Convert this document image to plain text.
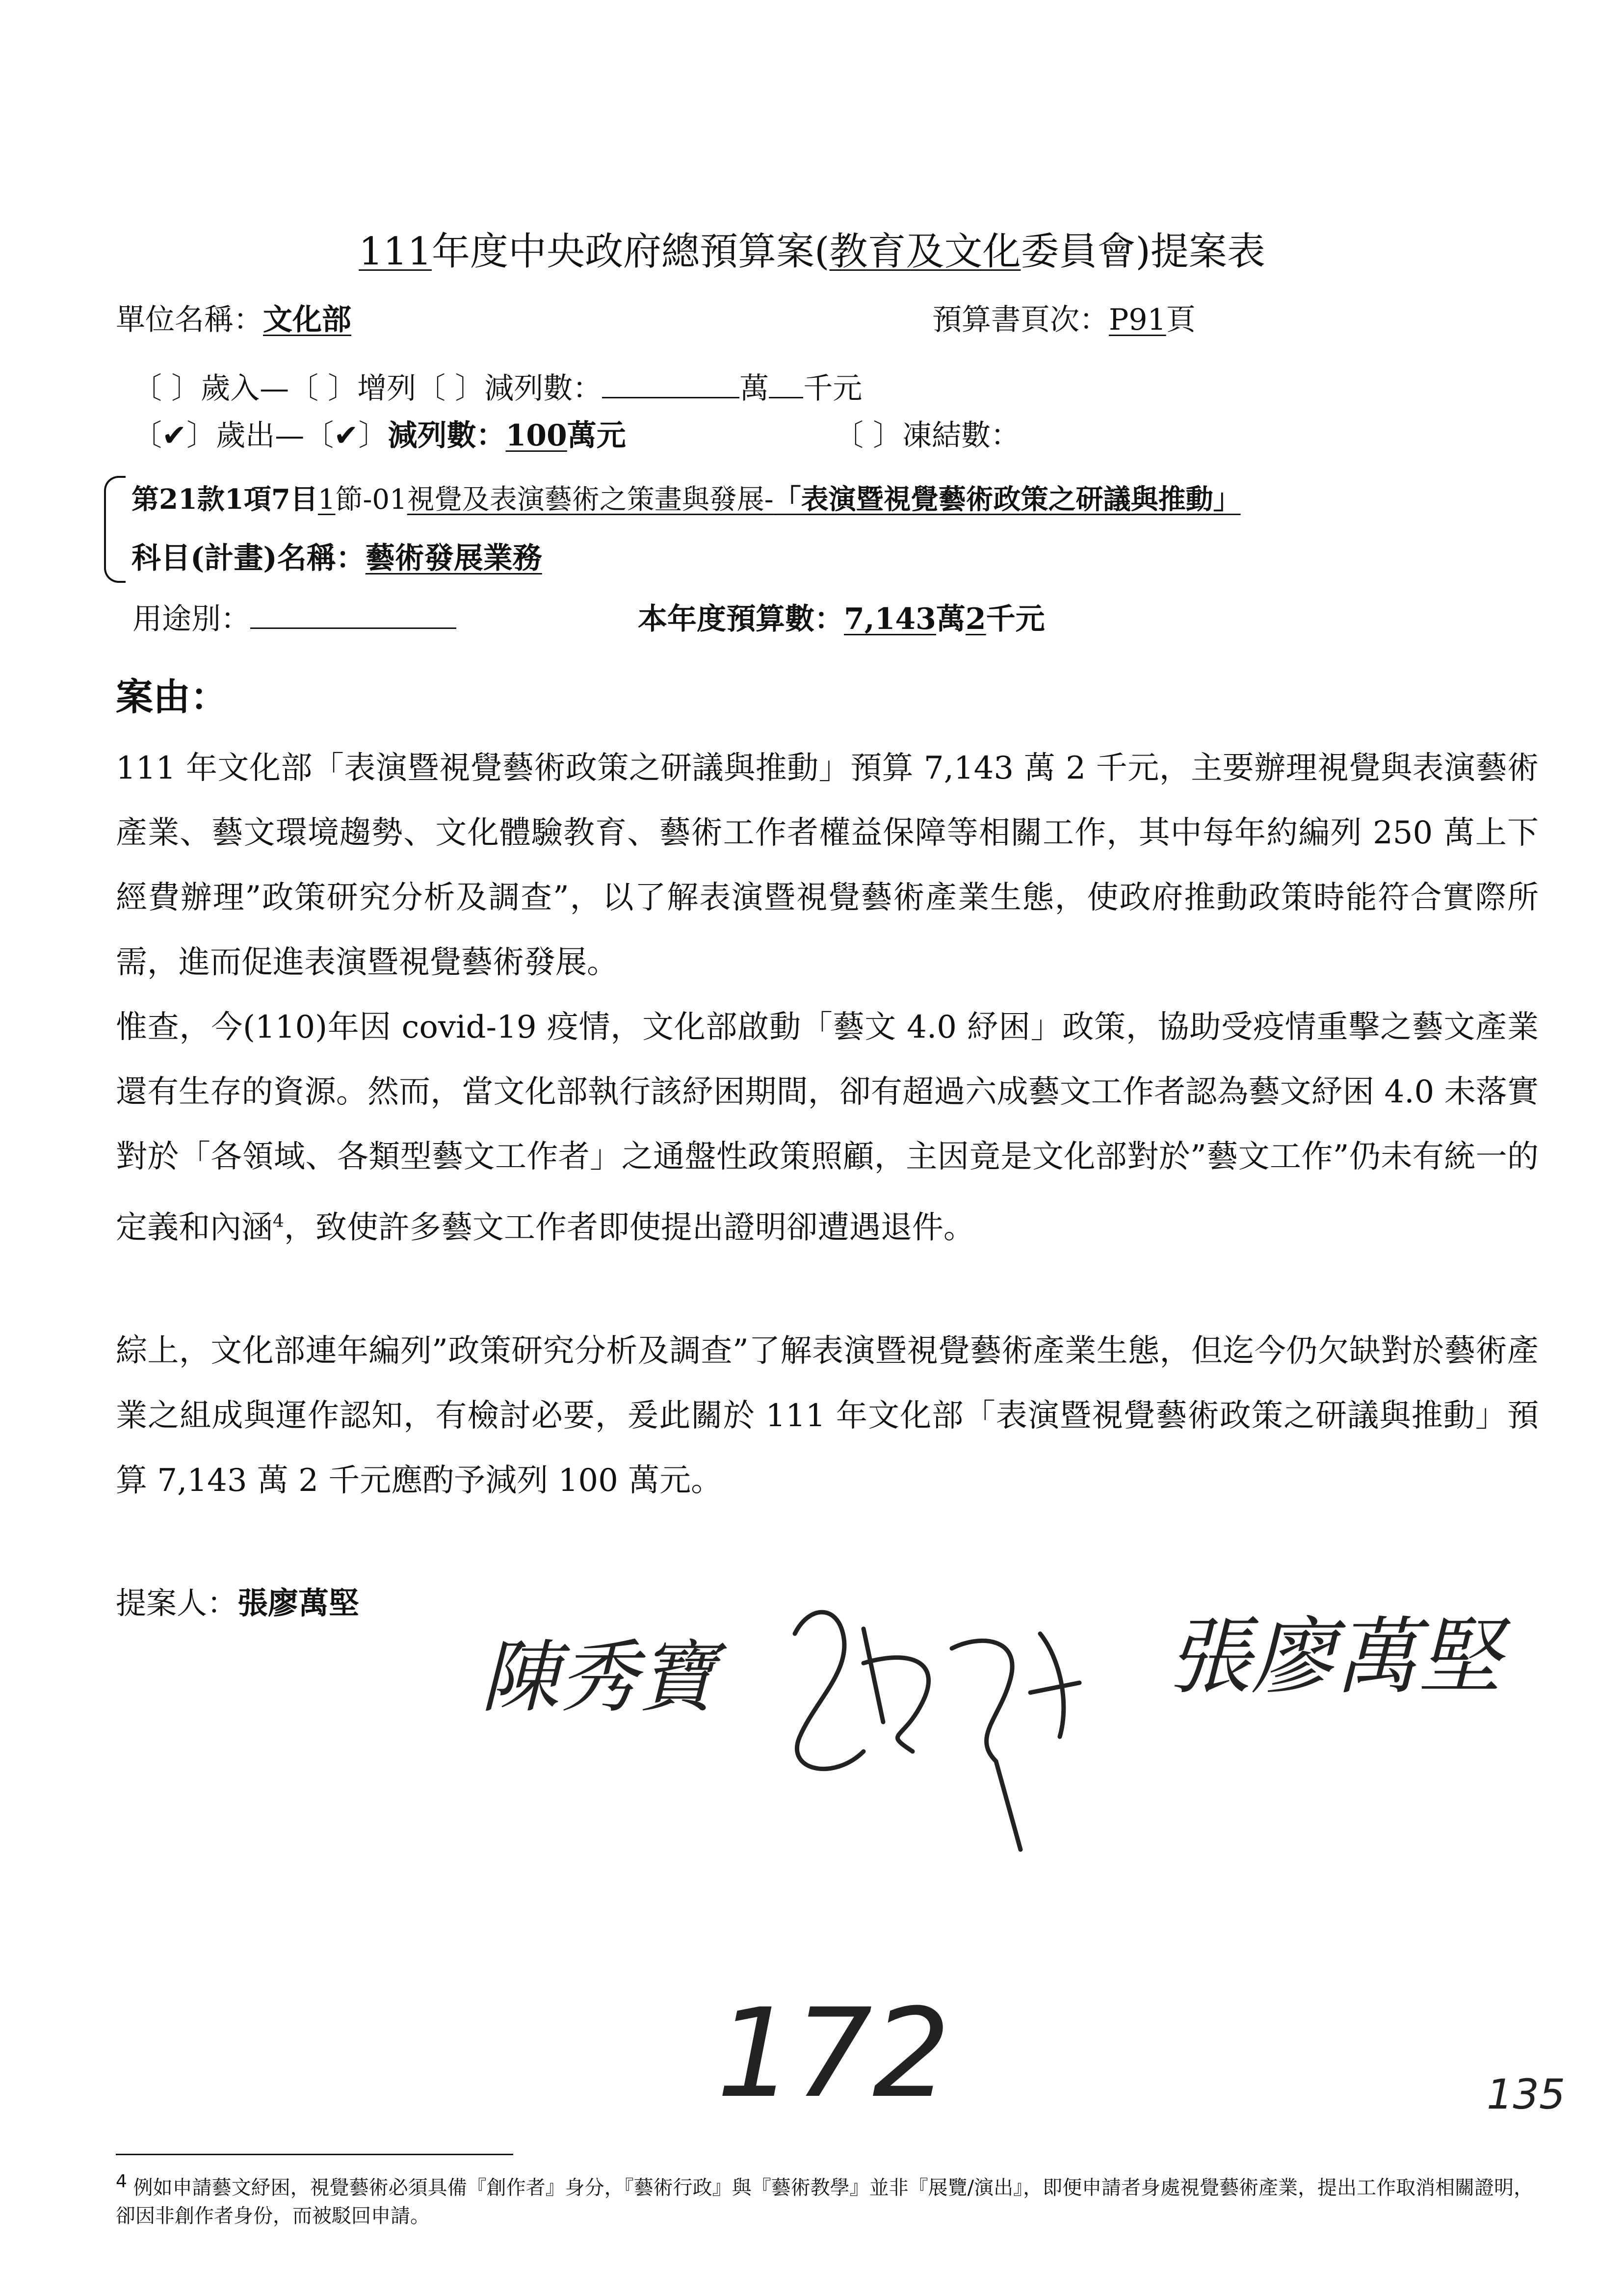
111年度中央政府總預算案(教育及文化委員會)提案表
單位名稱：文化部	預算書頁次：P91頁
〔 〕歲入—〔 〕增列〔 〕減列數：	萬 千元
〔✔〕歲出—〔✔〕減列數：100萬元	〔 〕凍結數：
第21款1項7目1節-01視覺及表演藝術之策畫與發展-「表演暨視覺藝術政策之研議與推動」
科目(計畫)名稱：藝術發展業務
用途別：	本年度預算數：7,143萬2千元
案由：
111 年文化部「表演暨視覺藝術政策之研議與推動」預算 7,143 萬 2 千元，主要辦理視覺與表演藝術產業、藝文環境趨勢、文化體驗教育、藝術工作者權益保障等相關工作，其中每年約編列 250 萬上下經費辦理”政策研究分析及調查”，以了解表演暨視覺藝術產業生態，使政府推動政策時能符合實際所需，進而促進表演暨視覺藝術發展。
惟查，今(110)年因 covid-19 疫情，文化部啟動「藝文 4.0 紓困」政策，協助受疫情重擊之藝文產業還有生存的資源。然而，當文化部執行該紓困期間，卻有超過六成藝文工作者認為藝文紓困 4.0 未落實對於「各領域、各類型藝文工作者」之通盤性政策照顧，主因竟是文化部對於”藝文工作”仍未有統一的定義和內涵$^4$，致使許多藝文工作者即使提出證明卻遭遇退件。
綜上，文化部連年編列”政策研究分析及調查”了解表演暨視覺藝術產業生態，但迄今仍欠缺對於藝術產業之組成與運作認知，有檢討必要，爰此關於 111 年文化部「表演暨視覺藝術政策之研議與推動」預算 7,143 萬 2 千元應酌予減列 100 萬元。
提案人：張廖萬堅
陳秀寶	張廖萬堅
172	135
$^4$ 例如申請藝文紓困，視覺藝術必須具備『創作者』身分，『藝術行政』與『藝術教學』並非『展覽/演出』，即便申請者身處視覺藝術產業，提出工作取消相關證明，卻因非創作者身份，而被駁回申請。
